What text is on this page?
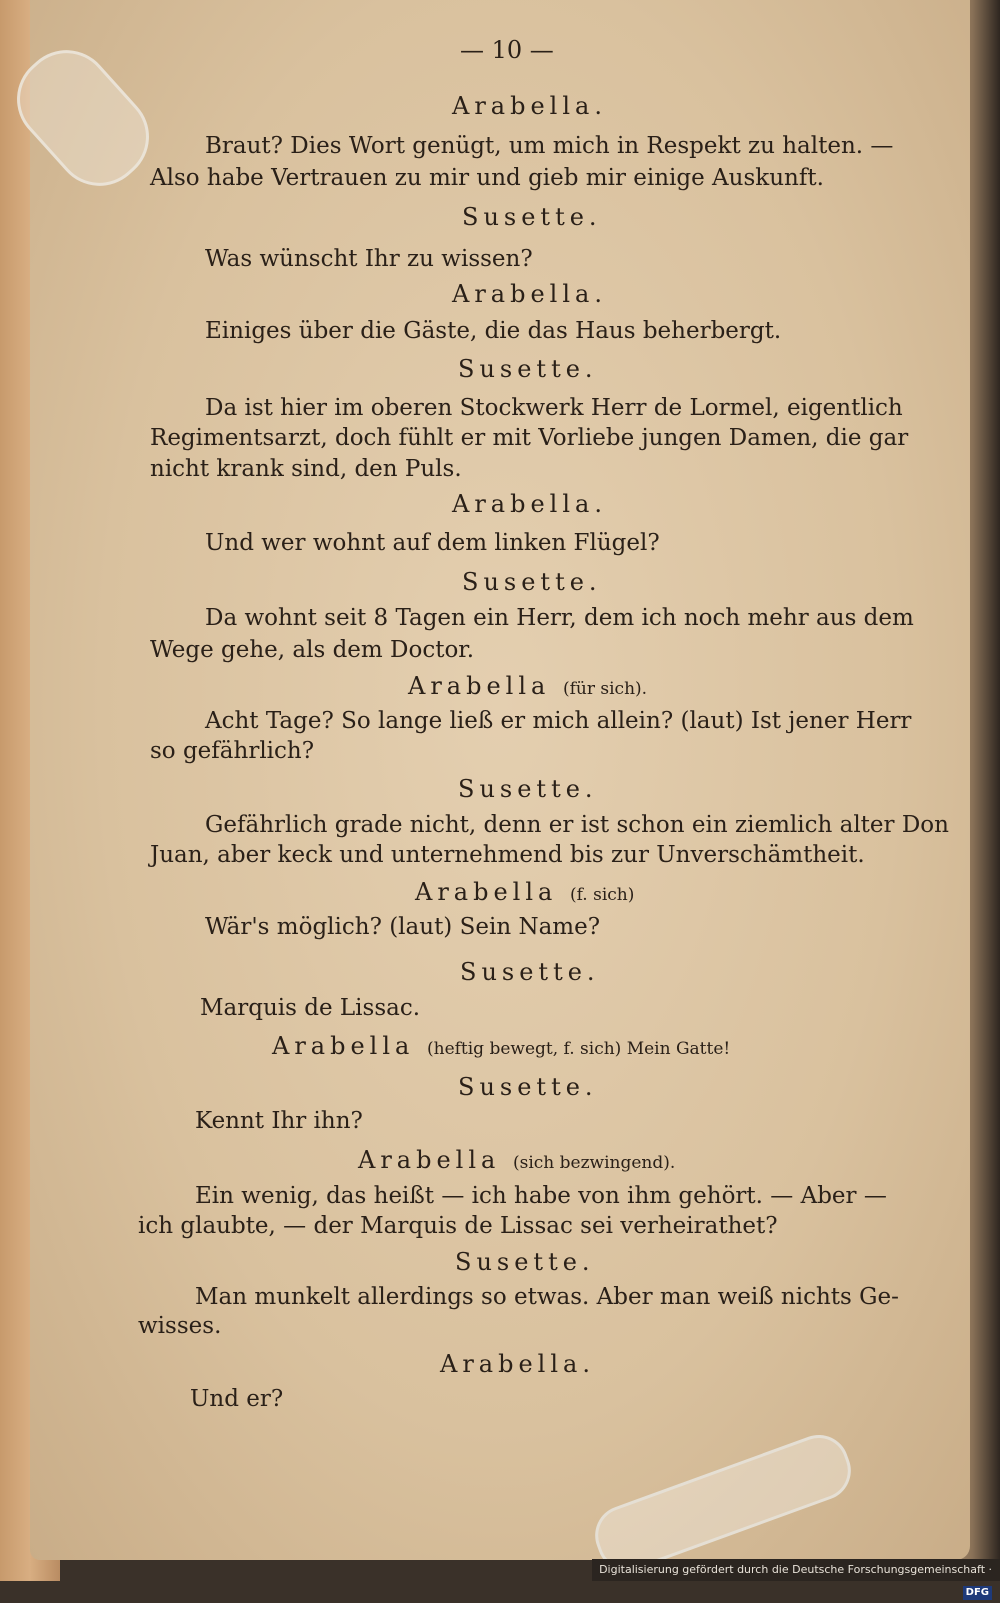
— 10 —
Arabella.
Braut? Dies Wort genügt, um mich in Respekt zu halten. —
Also habe Vertrauen zu mir und gieb mir einige Auskunft.
Susette.
Was wünscht Ihr zu wissen?
Arabella.
Einiges über die Gäste, die das Haus beherbergt.
Susette.
Da ist hier im oberen Stockwerk Herr de Lormel, eigentlich
Regimentsarzt, doch fühlt er mit Vorliebe jungen Damen, die gar
nicht krank sind, den Puls.
Arabella.
Und wer wohnt auf dem linken Flügel?
Susette.
Da wohnt seit 8 Tagen ein Herr, dem ich noch mehr aus dem
Wege gehe, als dem Doctor.
Arabella (für sich).
Acht Tage? So lange ließ er mich allein? (laut) Ist jener Herr
so gefährlich?
Susette.
Gefährlich grade nicht, denn er ist schon ein ziemlich alter Don
Juan, aber keck und unternehmend bis zur Unverschämtheit.
Arabella (f. sich)
Wär's möglich? (laut) Sein Name?
Susette.
Marquis de Lissac.
Arabella (heftig bewegt, f. sich) Mein Gatte!
Susette.
Kennt Ihr ihn?
Arabella (sich bezwingend).
Ein wenig, das heißt — ich habe von ihm gehört. — Aber —
ich glaubte, — der Marquis de Lissac sei verheirathet?
Susette.
Man munkelt allerdings so etwas. Aber man weiß nichts Ge-
wisses.
Arabella.
Und er?
Digitalisierung gefördert durch die Deutsche Forschungsgemeinschaft ·DFG
